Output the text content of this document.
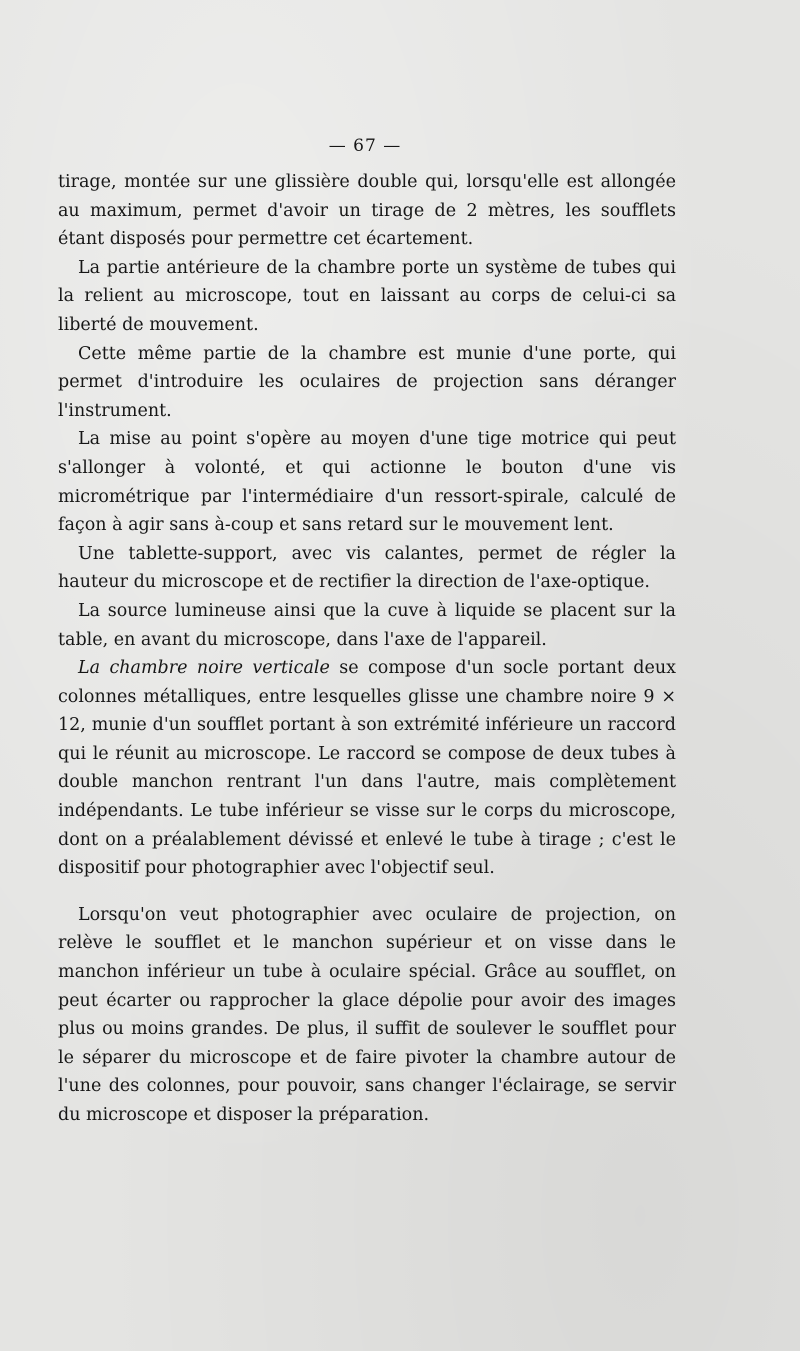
— 67 —

tirage, montée sur une glissière double qui, lorsqu'elle est allongée au maximum, permet d'avoir un tirage de 2 mètres, les soufflets étant disposés pour permettre cet écartement.

La partie antérieure de la chambre porte un système de tubes qui la relient au microscope, tout en laissant au corps de celui-ci sa liberté de mouvement.

Cette même partie de la chambre est munie d'une porte, qui permet d'introduire les oculaires de projection sans déranger l'instrument.

La mise au point s'opère au moyen d'une tige motrice qui peut s'allonger à volonté, et qui actionne le bouton d'une vis micrométrique par l'intermédiaire d'un ressort-spirale, calculé de façon à agir sans à-coup et sans retard sur le mouvement lent.

Une tablette-support, avec vis calantes, permet de régler la hauteur du microscope et de rectifier la direction de l'axe-optique.

La source lumineuse ainsi que la cuve à liquide se placent sur la table, en avant du microscope, dans l'axe de l'appareil.

La chambre noire verticale se compose d'un socle portant deux colonnes métalliques, entre lesquelles glisse une chambre noire 9 × 12, munie d'un soufflet portant à son extrémité inférieure un raccord qui le réunit au microscope. Le raccord se compose de deux tubes à double manchon rentrant l'un dans l'autre, mais complètement indépendants. Le tube inférieur se visse sur le corps du microscope, dont on a préalablement dévissé et enlevé le tube à tirage ; c'est le dispositif pour photographier avec l'objectif seul.

Lorsqu'on veut photographier avec oculaire de projection, on relève le soufflet et le manchon supérieur et on visse dans le manchon inférieur un tube à oculaire spécial. Grâce au soufflet, on peut écarter ou rapprocher la glace dépolie pour avoir des images plus ou moins grandes. De plus, il suffit de soulever le soufflet pour le séparer du microscope et de faire pivoter la chambre autour de l'une des colonnes, pour pouvoir, sans changer l'éclairage, se servir du microscope et disposer la préparation.
